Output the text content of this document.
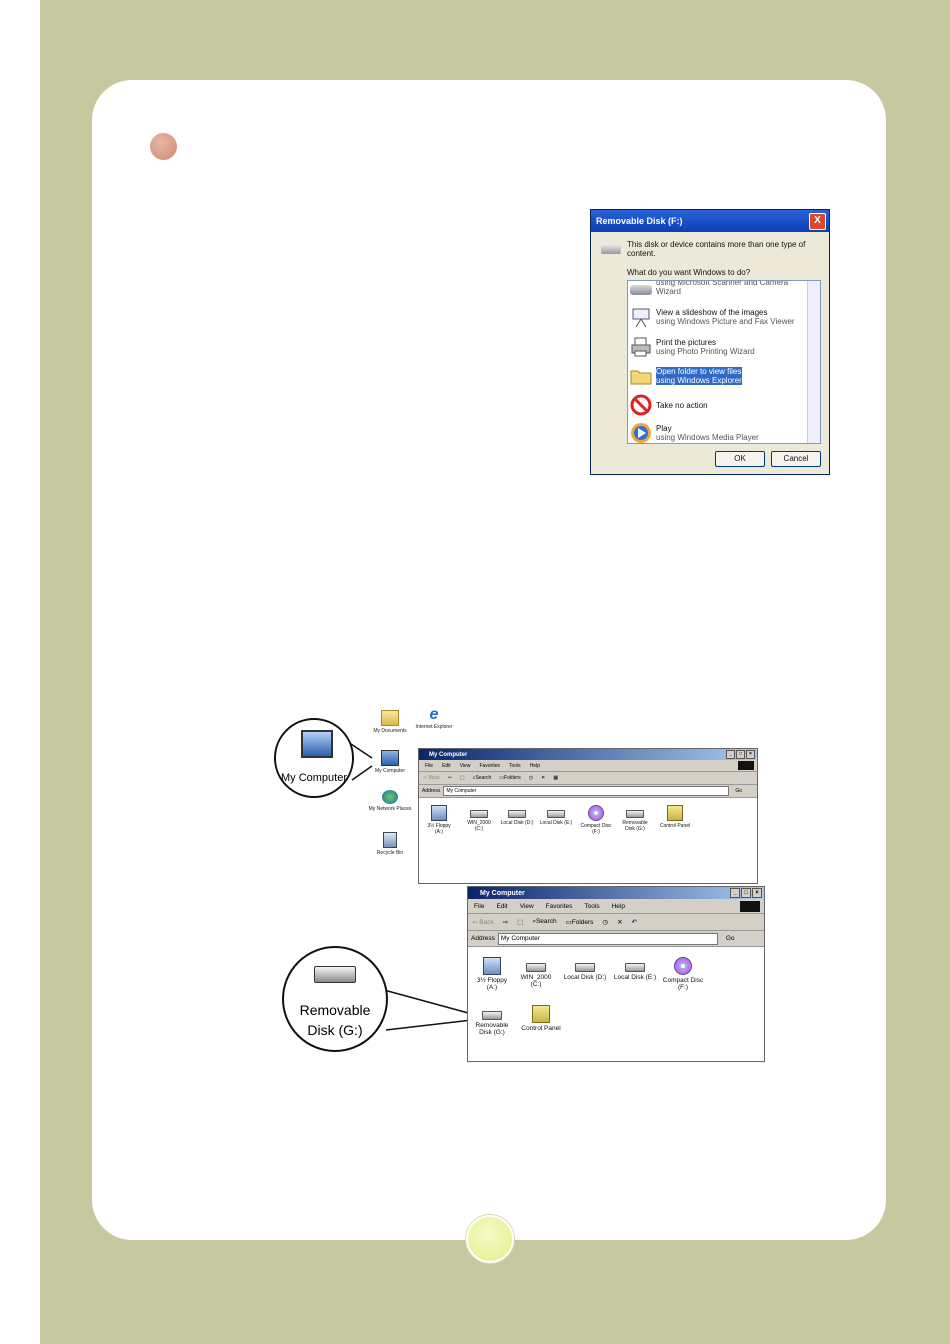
Removable Disk (F:)	X
This disk or device contains more than one type of content.
What do you want Windows to do?
using Microsoft Scanner and Camera Wizard
View a slideshow of the images
using Windows Picture and Fax Viewer
Print the pictures
using Photo Printing Wizard
Open folder to view files
using Windows Explorer
Take no action
Play
using Windows Media Player
OK	Cancel
My Documents
e
Internet Explorer
My Computer
My Network Places
Recycle Bin
My Computer
My Computer	_	□	×
File Edit View Favorites Tools Help
⇦ Back ⇨ ⬚ ⌕Search ▭Folders ◷ ✕ ▦
Address	My Computer	Go
3½ Floppy (A:)
WIN_2000 (C:)
Local Disk (D:)	Local Disk (E:)	Compact Disc (F:)
Removable Disk (G:)	Control Panel
My Computer	_	□	×
File Edit View Favorites Tools Help
⇦ Back ⇨ ⬚ ⌕Search ▭Folders ◷ ✕ ↶
Address My Computer	Go
3½ Floppy (A:)
WIN_2000 (C:)
Local Disk (D:) Local Disk (E:)	Compact Disc (F:)
Removable Disk (G:)
Control Panel
Removable Disk (G:)
